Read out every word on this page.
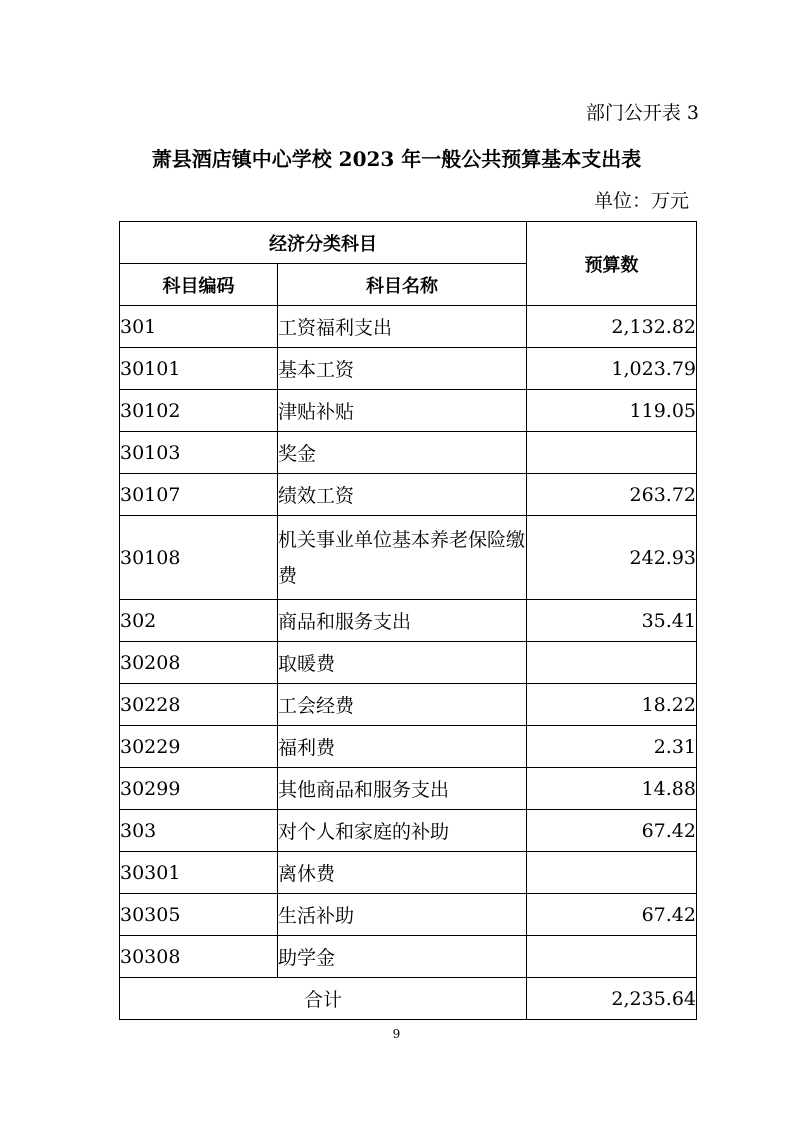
部门公开表 3
萧县酒店镇中心学校 2023 年一般公共预算基本支出表
单位：万元
经济分类科目		预算数
科目编码	科目名称	
301	工资福利支出	2,132.82
30101	基本工资	1,023.79
30102	津贴补贴	119.05
30103	奖金	
30107	绩效工资	263.72
30108	机关事业单位基本养老保险缴费	242.93
302	商品和服务支出	35.41
30208	取暖费	
30228	工会经费	18.22
30229	福利费	2.31
30299	其他商品和服务支出	14.88
303	对个人和家庭的补助	67.42
30301	离休费	
30305	生活补助	67.42
30308	助学金	
合计		2,235.64
9
